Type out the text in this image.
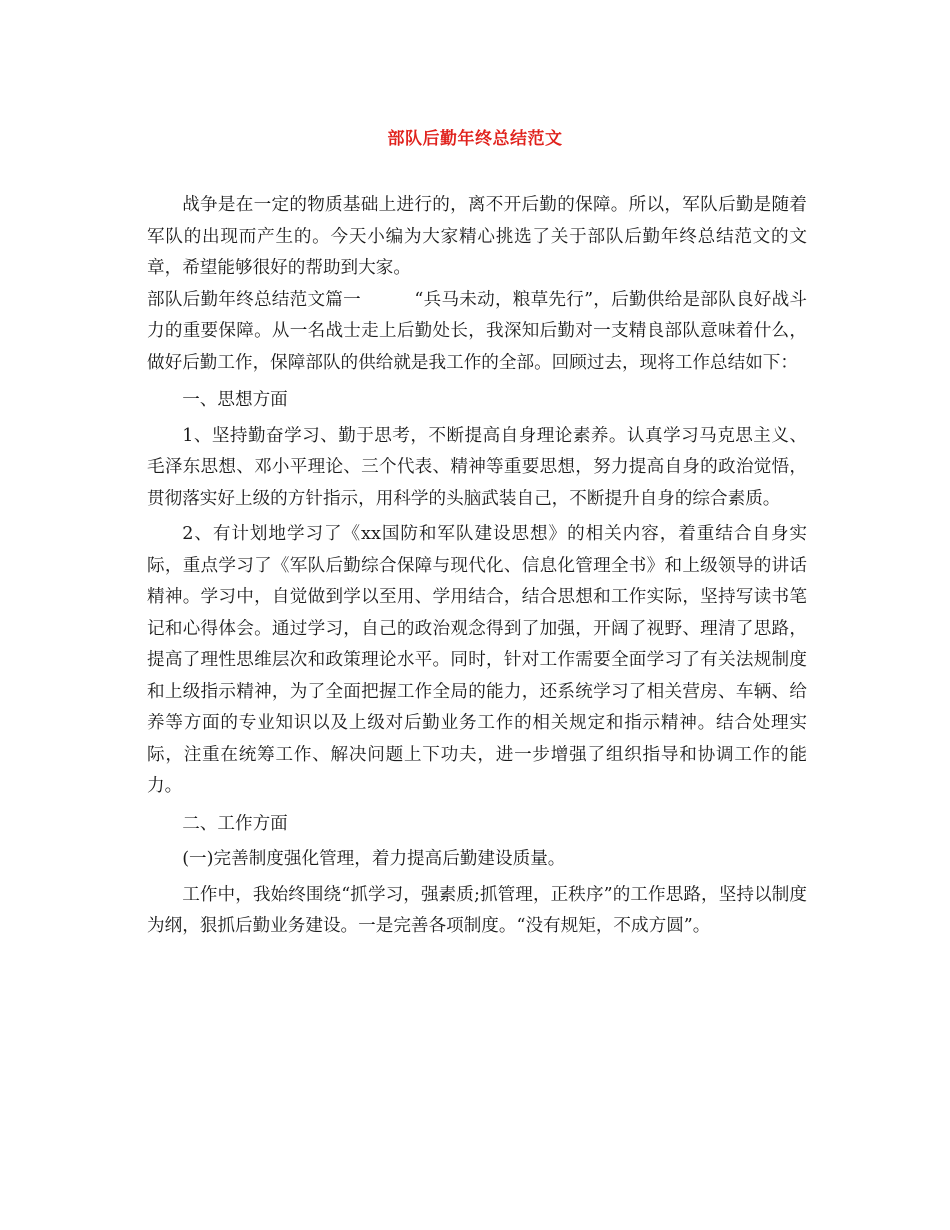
部队后勤年终总结范文

战争是在一定的物质基础上进行的，离不开后勤的保障。所以，军队后勤是随着军队的出现而产生的。今天小编为大家精心挑选了关于部队后勤年终总结范文的文章，希望能够很好的帮助到大家。

部队后勤年终总结范文篇一　　　“兵马未动，粮草先行”，后勤供给是部队良好战斗力的重要保障。从一名战士走上后勤处长，我深知后勤对一支精良部队意味着什么，做好后勤工作，保障部队的供给就是我工作的全部。回顾过去，现将工作总结如下：

一、思想方面

1、坚持勤奋学习、勤于思考，不断提高自身理论素养。认真学习马克思主义、毛泽东思想、邓小平理论、三个代表、精神等重要思想，努力提高自身的政治觉悟，贯彻落实好上级的方针指示，用科学的头脑武装自己，不断提升自身的综合素质。

2、有计划地学习了《xx国防和军队建设思想》的相关内容，着重结合自身实际，重点学习了《军队后勤综合保障与现代化、信息化管理全书》和上级领导的讲话精神。学习中，自觉做到学以至用、学用结合，结合思想和工作实际，坚持写读书笔记和心得体会。通过学习，自己的政治观念得到了加强，开阔了视野、理清了思路，提高了理性思维层次和政策理论水平。同时，针对工作需要全面学习了有关法规制度和上级指示精神，为了全面把握工作全局的能力，还系统学习了相关营房、车辆、给养等方面的专业知识以及上级对后勤业务工作的相关规定和指示精神。结合处理实际，注重在统筹工作、解决问题上下功夫，进一步增强了组织指导和协调工作的能力。

二、工作方面

(一)完善制度强化管理，着力提高后勤建设质量。

工作中，我始终围绕“抓学习，强素质;抓管理，正秩序”的工作思路，坚持以制度为纲，狠抓后勤业务建设。一是完善各项制度。“没有规矩，不成方圆”。
